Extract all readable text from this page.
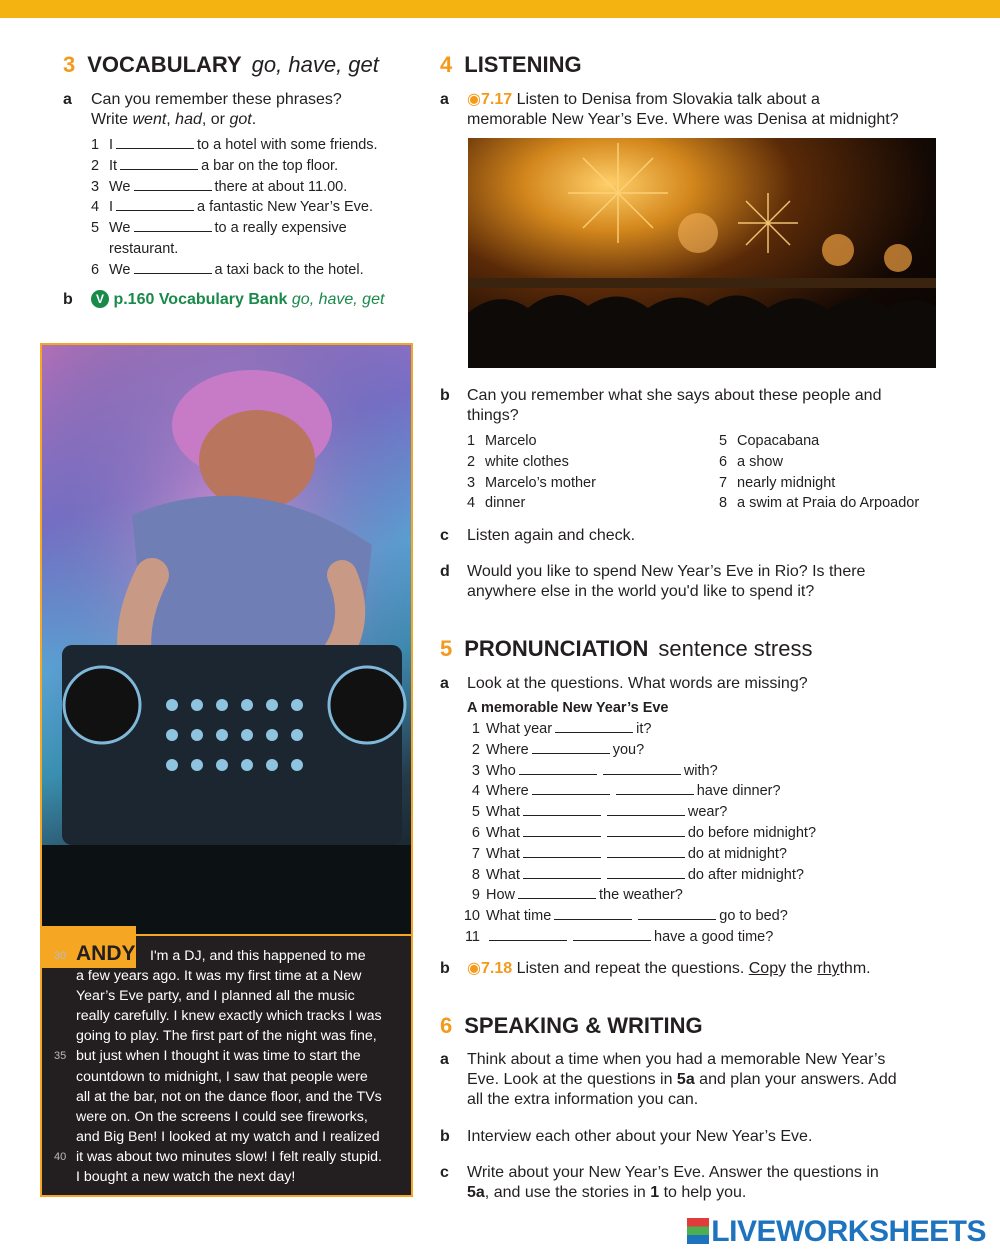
3 VOCABULARY go, have, get
a Can you remember these phrases?
Write went, had, or got.
1 I	to a hotel with some friends.
2 It	a bar on the top floor.
3 We	there at about 11.00.
4 I	a fantastic New Year’s Eve.
5 We	to a really expensive
restaurant.
6 We	a taxi back to the hotel.
b	V p.160 Vocabulary Bank go, have, get
ANDY	I'm a DJ, and this happened to me
a few years ago. It was my first time at a New
Year’s Eve party, and I planned all the music
really carefully. I knew exactly which tracks I was
going to play. The first part of the night was fine,
but just when I thought it was time to start the
countdown to midnight, I saw that people were
all at the bar, not on the dance floor, and the TVs
were on. On the screens I could see fireworks,
and Big Ben! I looked at my watch and I realized
it was about two minutes slow! I felt really stupid.
I bought a new watch the next day!
30
35
40
4 LISTENING
a ◉7.17 Listen to Denisa from Slovakia talk about a
memorable New Year’s Eve. Where was Denisa at midnight?
b Can you remember what she says about these people and
things?
1 Marcelo
2 white clothes
3 Marcelo’s mother
4 dinner
5 Copacabana
6 a show
7 nearly midnight
8 a swim at Praia do Arpoador
c Listen again and check.
d Would you like to spend New Year’s Eve in Rio? Is there
anywhere else in the world you'd like to spend it?
5 PRONUNCIATION sentence stress
a Look at the questions. What words are missing?
A memorable New Year’s Eve
1 What year	it?
2 Where	you?
3 Who	with?
4 Where	have dinner?
5 What	wear?
6 What	do before midnight?
7 What	do at midnight?
8 What	do after midnight?
9 How	the weather?
10 What time	go to bed?
11	have a good time?
b ◉7.18 Listen and repeat the questions. Copy the rhythm.
6 SPEAKING & WRITING
a Think about a time when you had a memorable New Year’s
Eve. Look at the questions in 5a and plan your answers. Add
all the extra information you can.
b Interview each other about your New Year’s Eve.
c Write about your New Year’s Eve. Answer the questions in
5a, and use the stories in 1 to help you.
LIVEWORKSHEETS
